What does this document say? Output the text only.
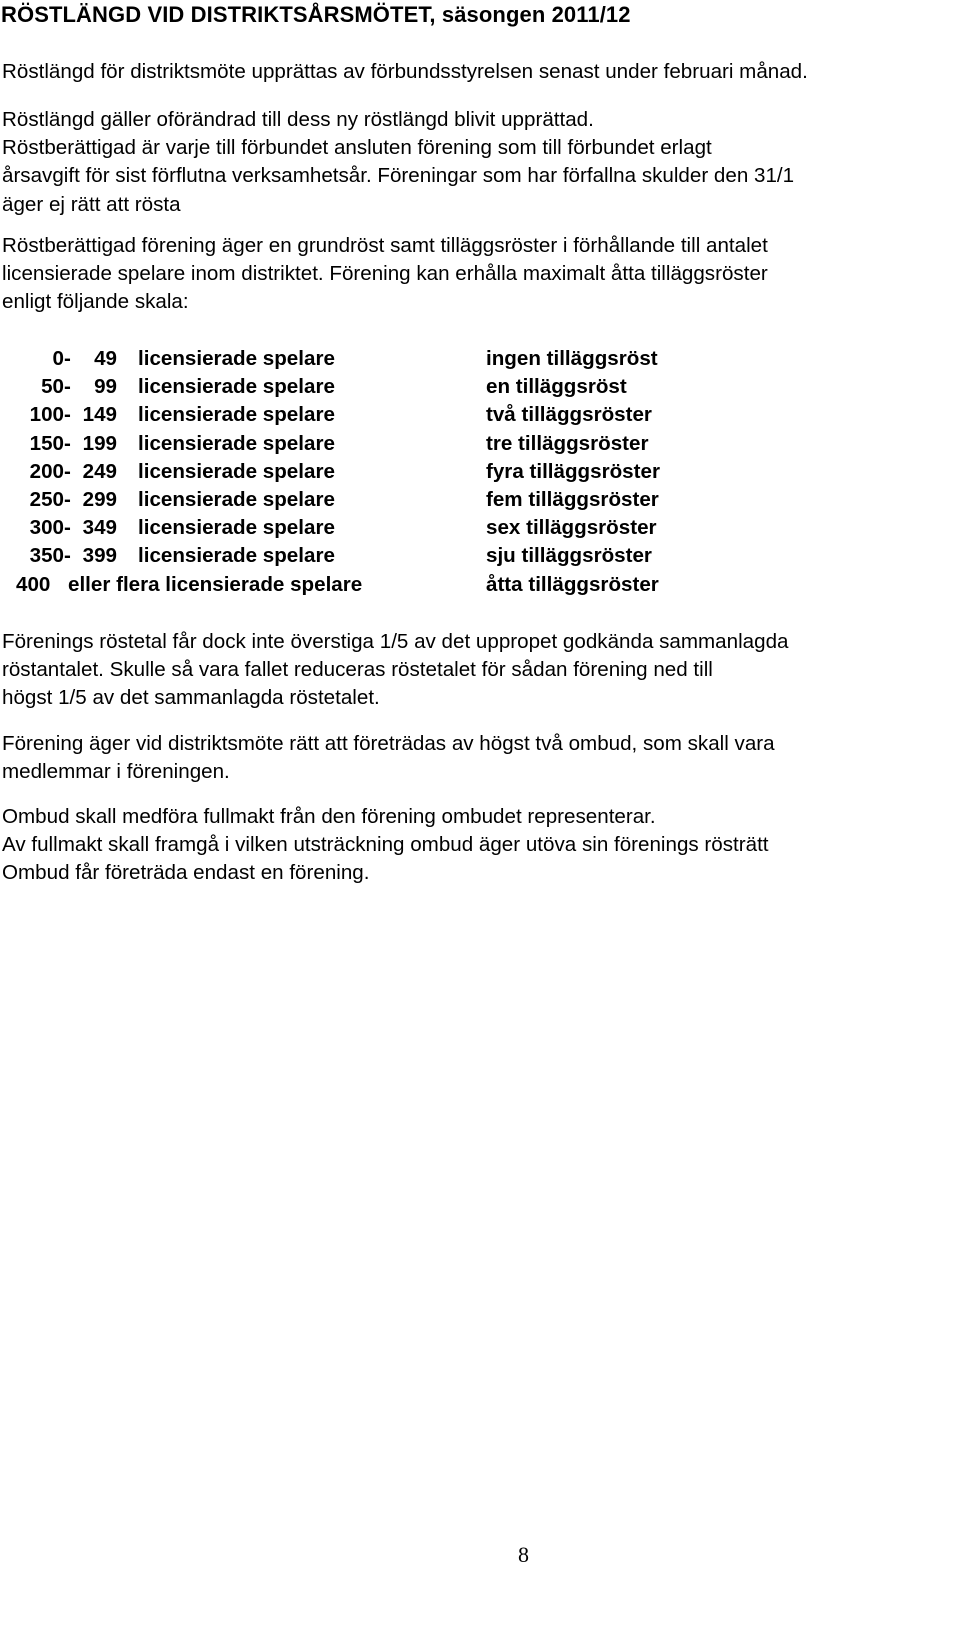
RÖSTLÄNGD VID DISTRIKTSÅRSMÖTET, säsongen 2011/12

Röstlängd för distriktsmöte upprättas av förbundsstyrelsen senast under februari månad.

Röstlängd gäller oförändrad till dess ny röstlängd blivit upprättad.
Röstberättigad är varje till förbundet ansluten förening som till förbundet erlagt
årsavgift för sist förflutna verksamhetsår. Föreningar som har förfallna skulder den 31/1
äger ej rätt att rösta

Röstberättigad förening äger en grundröst samt tilläggsröster i förhållande till antalet
licensierade spelare inom distriktet. Förening kan erhålla maximalt åtta tilläggsröster
enligt följande skala:

0 - 49 licensierade spelare	ingen tilläggsröst
50 - 99 licensierade spelare	en tilläggsröst
100 - 149 licensierade spelare	två tilläggsröster
150 - 199 licensierade spelare	tre tilläggsröster
200 - 249 licensierade spelare	fyra tilläggsröster
250 - 299 licensierade spelare	fem tilläggsröster
300 - 349 licensierade spelare	sex tilläggsröster
350 - 399 licensierade spelare	sju tilläggsröster
400 eller flera licensierade spelare	åtta tilläggsröster

Förenings röstetal får dock inte överstiga 1/5 av det uppropet godkända sammanlagda
röstantalet. Skulle så vara fallet reduceras röstetalet för sådan förening ned till
högst 1/5 av det sammanlagda röstetalet.

Förening äger vid distriktsmöte rätt att företrädas av högst två ombud, som skall vara
medlemmar i föreningen.

Ombud skall medföra fullmakt från den förening ombudet representerar.
Av fullmakt skall framgå i vilken utsträckning ombud äger utöva sin förenings rösträtt
Ombud får företräda endast en förening.

8
